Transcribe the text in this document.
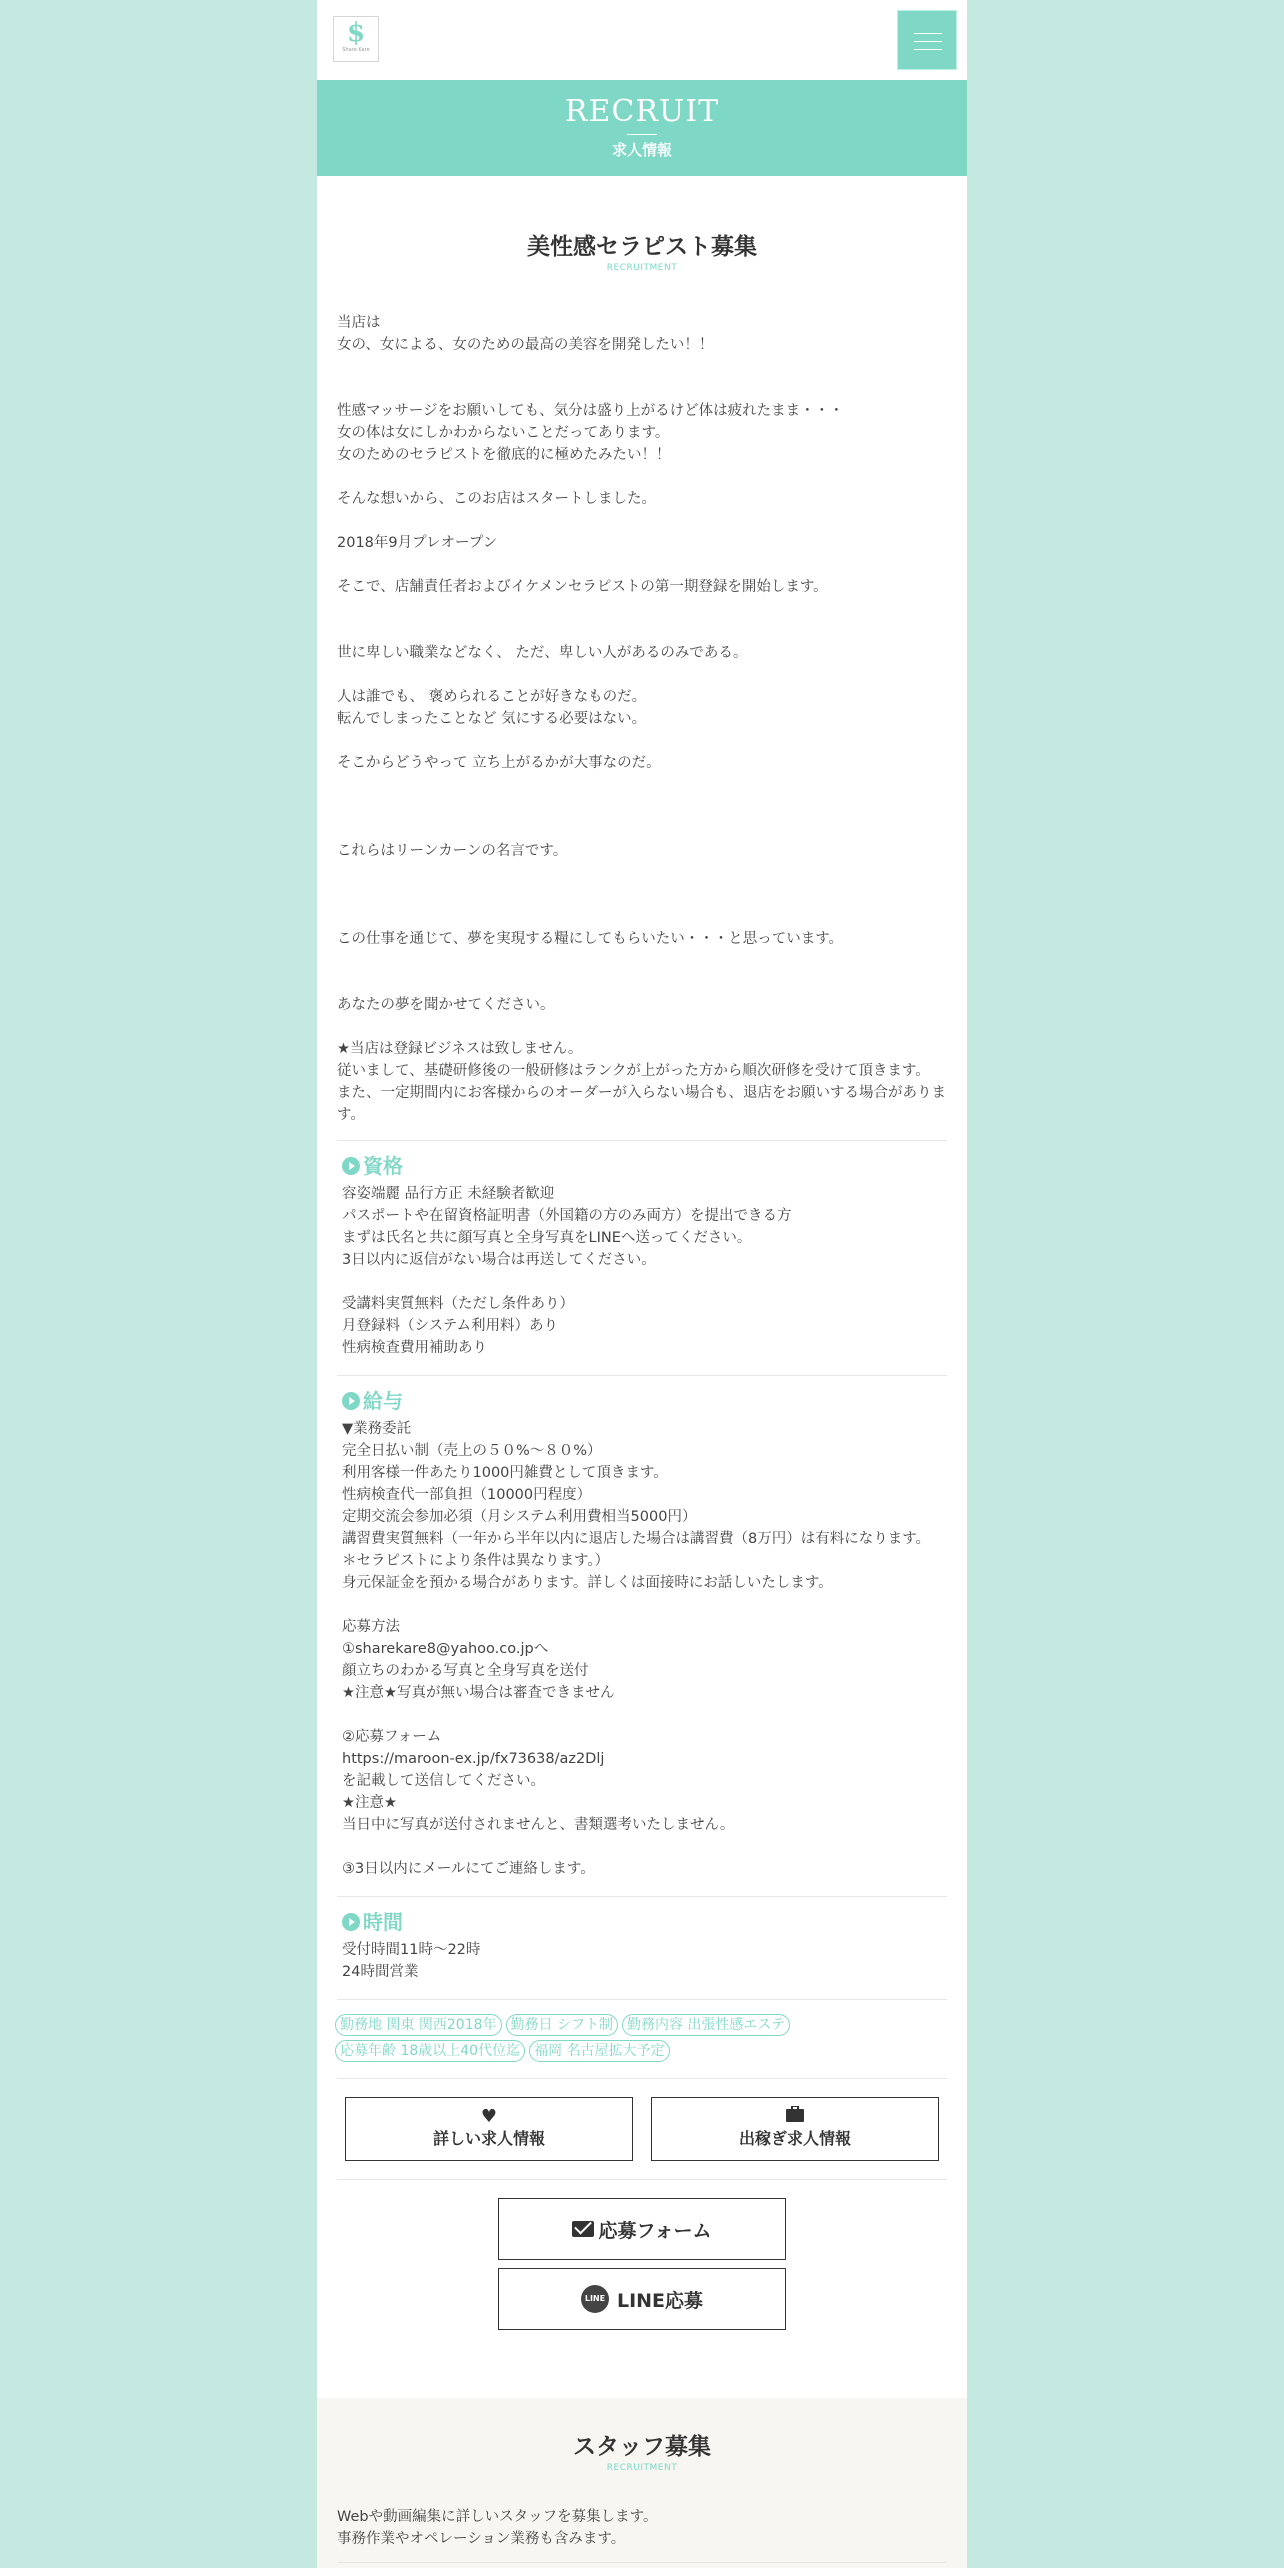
$
Share Kare
RECRUIT
求人情報
美性感セラピスト募集
RECRUITMENT

当店は
女の、女による、女のための最高の美容を開発したい！！

性感マッサージをお願いしても、気分は盛り上がるけど体は疲れたまま・・・
女の体は女にしかわからないことだってあります。
女のためのセラピストを徹底的に極めたみたい！！

そんな想いから、このお店はスタートしました。

2018年9月プレオープン

そこで、店舗責任者およびイケメンセラピストの第一期登録を開始します。

世に卑しい職業などなく、 ただ、卑しい人があるのみである。

人は誰でも、 褒められることが好きなものだ。
転んでしまったことなど 気にする必要はない。

そこからどうやって 立ち上がるかが大事なのだ。

これらはリーンカーンの名言です。

この仕事を通じて、夢を実現する糧にしてもらいたい・・・と思っています。

あなたの夢を聞かせてください。

★当店は登録ビジネスは致しません。
従いまして、基礎研修後の一般研修はランクが上がった方から順次研修を受けて頂きます。
また、一定期間内にお客様からのオーダーが入らない場合も、退店をお願いする場合があります。

資格
容姿端麗 品行方正 未経験者歓迎
パスポートや在留資格証明書（外国籍の方のみ両方）を提出できる方
まずは氏名と共に顔写真と全身写真をLINEへ送ってください。
3日以内に返信がない場合は再送してください。

受講料実質無料（ただし条件あり）
月登録料（システム利用料）あり
性病検査費用補助あり
給与
▼業務委託
完全日払い制（売上の５０%～８０%）
利用客様一件あたり1000円雑費として頂きます。
性病検査代一部負担（10000円程度）
定期交流会参加必須（月システム利用費相当5000円）
講習費実質無料（一年から半年以内に退店した場合は講習費（8万円）は有料になります。＊セラピストにより条件は異なります。）
身元保証金を預かる場合があります。詳しくは面接時にお話しいたします。

応募方法
①sharekare8@yahoo.co.jpへ
顔立ちのわかる写真と全身写真を送付
★注意★写真が無い場合は審査できません

②応募フォーム
https://maroon-ex.jp/fx73638/az2Dlj
を記載して送信してください。
★注意★
当日中に写真が送付されませんと、書類選考いたしません。

③3日以内にメールにてご連絡します。
時間
受付時間11時～22時
24時間営業
勤務地 関東 関西2018年	勤務日 シフト制	勤務内容 出張性感エステ
応募年齢 18歳以上40代位迄	福岡 名古屋拡大予定
♥
詳しい求人情報	出稼ぎ求人情報
応募フォーム
LINE LINE応募
スタッフ募集
RECRUITMENT
Webや動画編集に詳しいスタッフを募集します。
事務作業やオペレーション業務も含みます。
